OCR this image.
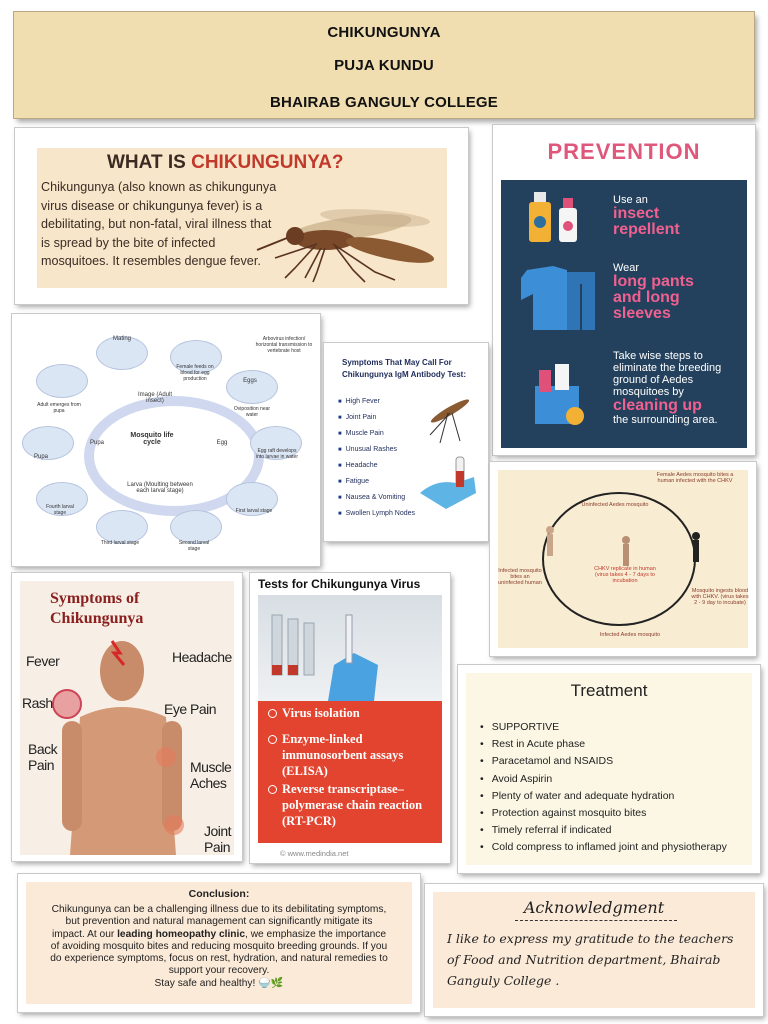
CHIKUNGUNYA
PUJA KUNDU
BHAIRAB GANGULY COLLEGE
WHAT IS CHIKUNGUNYA?
Chikungunya (also known as chikungunya virus disease or chikungunya fever) is a debilitating, but non-fatal, viral illness that is spread by the bite of infected mosquitoes. It resembles dengue fever.
PREVENTION
Use an
insect repellent
Wear
long pants and long sleeves
Take wise steps to eliminate the breeding ground of Aedes mosquitoes by
cleaning up
the surrounding area.
Mosquito life cycle
Image (Adult insect)
Pupa	Egg
Larva (Moulting between each larval stage)
Mating
Female feeds on blood for egg production
Arbovirus infection/ horizontal transmission to vertebrate host
Adult emerges from pupa
Eggs
Oviposition near water
Pupa
Egg raft develops into larvae in water
Fourth larval stage	First larval stage
Third larval stage	Second larval stage
Symptoms That May Call For Chikungunya IgM Antibody Test:
■ High Fever
■ Joint Pain
■ Muscle Pain
■ Unusual Rashes
■ Headache
■ Fatigue
■ Nausea & Vomiting
■ Swollen Lymph Nodes
Female Aedes mosquito bites a human infected with the CHKV
Uninfected Aedes mosquito
CHKV replicate in human (virus takes 4 - 7 days to incubation
Mosquito ingests blood with CHKV. (virus takes 2 - 9 day to incubate)
Infected Aedes mosquito
Infected mosquito bites an uninfected human
Symptoms of Chikungunya
Fever	Headache
Rash	Eye Pain
Back Pain	Muscle Aches
Joint Pain
Tests for Chikungunya Virus
Virus isolation
Enzyme-linked immunosorbent assays (ELISA)
Reverse transcriptase–polymerase chain reaction (RT-PCR)
© www.medindia.net
Treatment
• SUPPORTIVE
• Rest in Acute phase
• Paracetamol and NSAIDS
• Avoid Aspirin
• Plenty of water and adequate hydration
• Protection against mosquito bites
• Timely referral if indicated
• Cold compress to inflamed joint and physiotherapy
Conclusion:
Chikungunya can be a challenging illness due to its debilitating symptoms, but prevention and natural management can significantly mitigate its impact. At our leading homeopathy clinic, we emphasize the importance of avoiding mosquito bites and reducing mosquito breeding grounds. If you do experience symptoms, focus on rest, hydration, and natural remedies to support your recovery.
Stay safe and healthy! 🍚🌿
Acknowledgment
I like to express my gratitude to the teachers of Food and Nutrition department, Bhairab Ganguly College .
